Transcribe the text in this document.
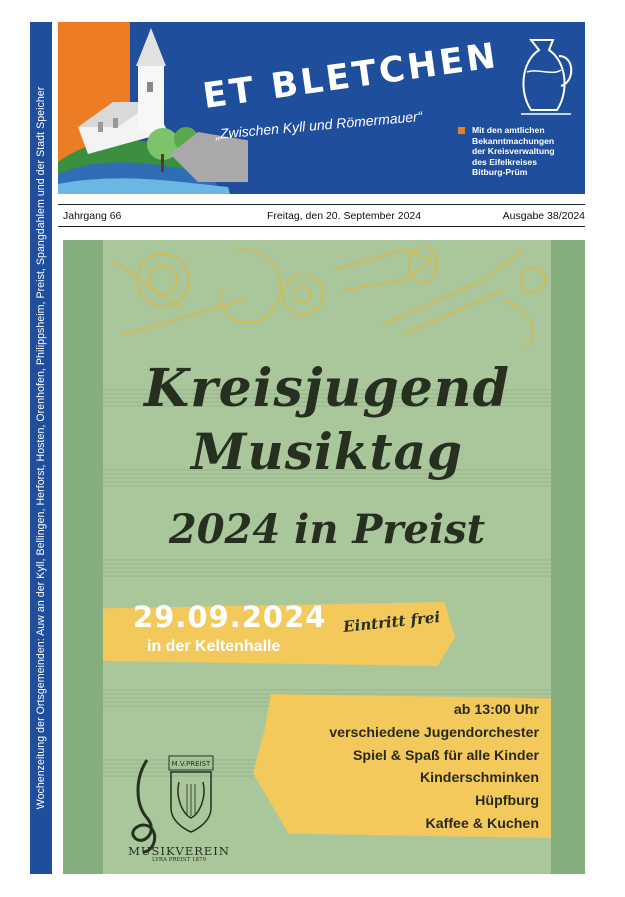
Wochenzeitung der Ortsgemeinden: Auw an der Kyll, Bellingen, Herforst, Hosten, Orenhofen, Philippsheim, Preist, Spangdahlem und der Stadt Speicher
ET BLETCHEN
„Zwischen Kyll und Römermauer“	Mit den amtlichen
Bekanntmachungen
der Kreisverwaltung
des Eifelkreises
Bitburg-Prüm
Jahrgang 66	Freitag, den 20. September 2024	Ausgabe 38/2024
Kreisjugend
Musiktag
2024 in Preist
29.09.2024
in der Keltenhalle
Eintritt frei
ab 13:00 Uhr
verschiedene Jugendorchester
Spiel & Spaß für alle Kinder
Kinderschminken
Hüpfburg
Kaffee & Kuchen
M.V.PREIST
MUSIKVEREIN
LYRA PREIST 1879
